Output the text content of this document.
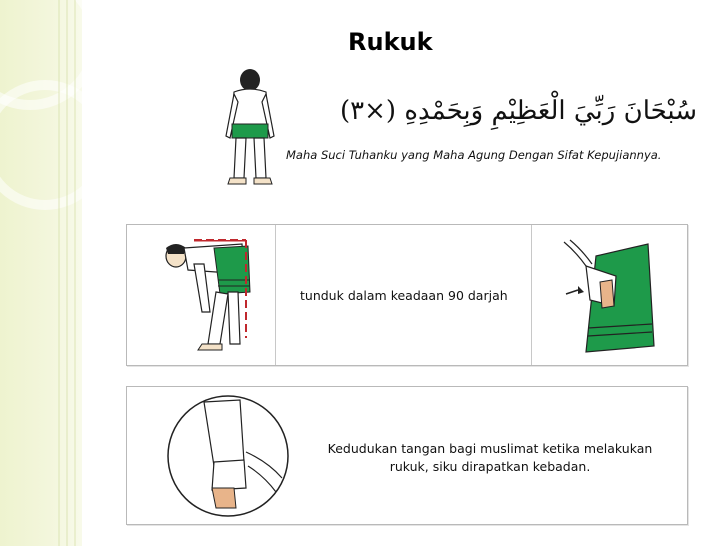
Rukuk
سُبْحَانَ رَبِّيَ الْعَظِيْمِ وَبِحَمْدِهِ (×٣)
Maha Suci Tuhanku yang Maha Agung Dengan Sifat Kepujiannya.
tunduk dalam keadaan 90 darjah
Kedudukan tangan bagi muslimat ketika melakukan rukuk, siku dirapatkan kebadan.
